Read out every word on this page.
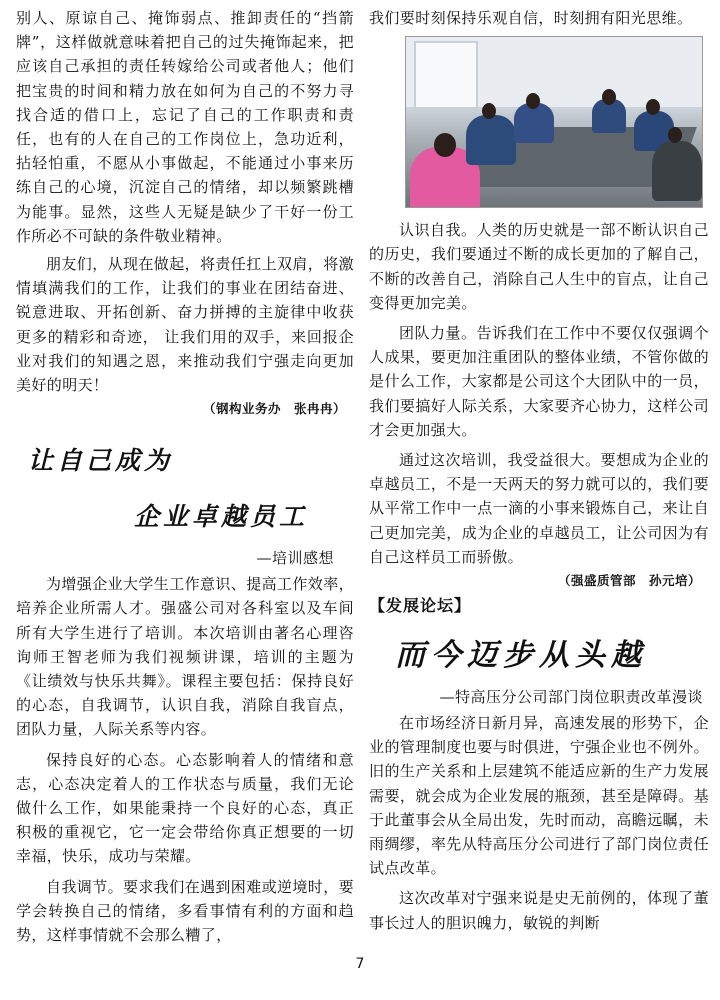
别人、原谅自己、掩饰弱点、推卸责任的“挡箭牌”，这样做就意味着把自己的过失掩饰起来，把应该自己承担的责任转嫁给公司或者他人；他们把宝贵的时间和精力放在如何为自己的不努力寻找合适的借口上，忘记了自己的工作职责和责任，也有的人在自己的工作岗位上，急功近利，拈轻怕重，不愿从小事做起，不能通过小事来历练自己的心境，沉淀自己的情绪，却以频繁跳槽为能事。显然，这些人无疑是缺少了干好一份工作所必不可缺的条件敬业精神。

朋友们，从现在做起，将责任扛上双肩，将激情填满我们的工作，让我们的事业在团结奋进、锐意进取、开拓创新、奋力拼搏的主旋律中收获更多的精彩和奇迹， 让我们用的双手，来回报企业对我们的知遇之恩，来推动我们宁强走向更加美好的明天！

（钢构业务办　张冉冉）
让自己成为
企业卓越员工
—培训感想

为增强企业大学生工作意识、提高工作效率，培养企业所需人才。强盛公司对各科室以及车间所有大学生进行了培训。本次培训由著名心理咨询师王智老师为我们视频讲课，培训的主题为《让绩效与快乐共舞》。课程主要包括：保持良好的心态，自我调节，认识自我，消除自我盲点，团队力量，人际关系等内容。

保持良好的心态。心态影响着人的情绪和意志，心态决定着人的工作状态与质量，我们无论做什么工作，如果能秉持一个良好的心态，真正积极的重视它，它一定会带给你真正想要的一切幸福，快乐，成功与荣耀。

自我调节。要求我们在遇到困难或逆境时，要学会转换自己的情绪，多看事情有利的方面和趋势，这样事情就不会那么糟了，

我们要时刻保持乐观自信，时刻拥有阳光思维。

认识自我。人类的历史就是一部不断认识自己的历史，我们要通过不断的成长更加的了解自己，不断的改善自己，消除自己人生中的盲点，让自己变得更加完美。

团队力量。告诉我们在工作中不要仅仅强调个人成果，要更加注重团队的整体业绩，不管你做的是什么工作，大家都是公司这个大团队中的一员，我们要搞好人际关系，大家要齐心协力，这样公司才会更加强大。

通过这次培训，我受益很大。要想成为企业的卓越员工，不是一天两天的努力就可以的，我们要从平常工作中一点一滴的小事来锻炼自己，来让自己更加完美，成为企业的卓越员工，让公司因为有自己这样员工而骄傲。

（强盛质管部　孙元培）
【发展论坛】
而今迈步从头越
—特高压分公司部门岗位职责改革漫谈

在市场经济日新月异，高速发展的形势下，企业的管理制度也要与时俱进，宁强企业也不例外。旧的生产关系和上层建筑不能适应新的生产力发展需要，就会成为企业发展的瓶颈，甚至是障碍。基于此董事会从全局出发，先时而动，高瞻远瞩，未雨绸缪，率先从特高压分公司进行了部门岗位责任试点改革。

这次改革对宁强来说是史无前例的，体现了董事长过人的胆识魄力，敏锐的判断

7
